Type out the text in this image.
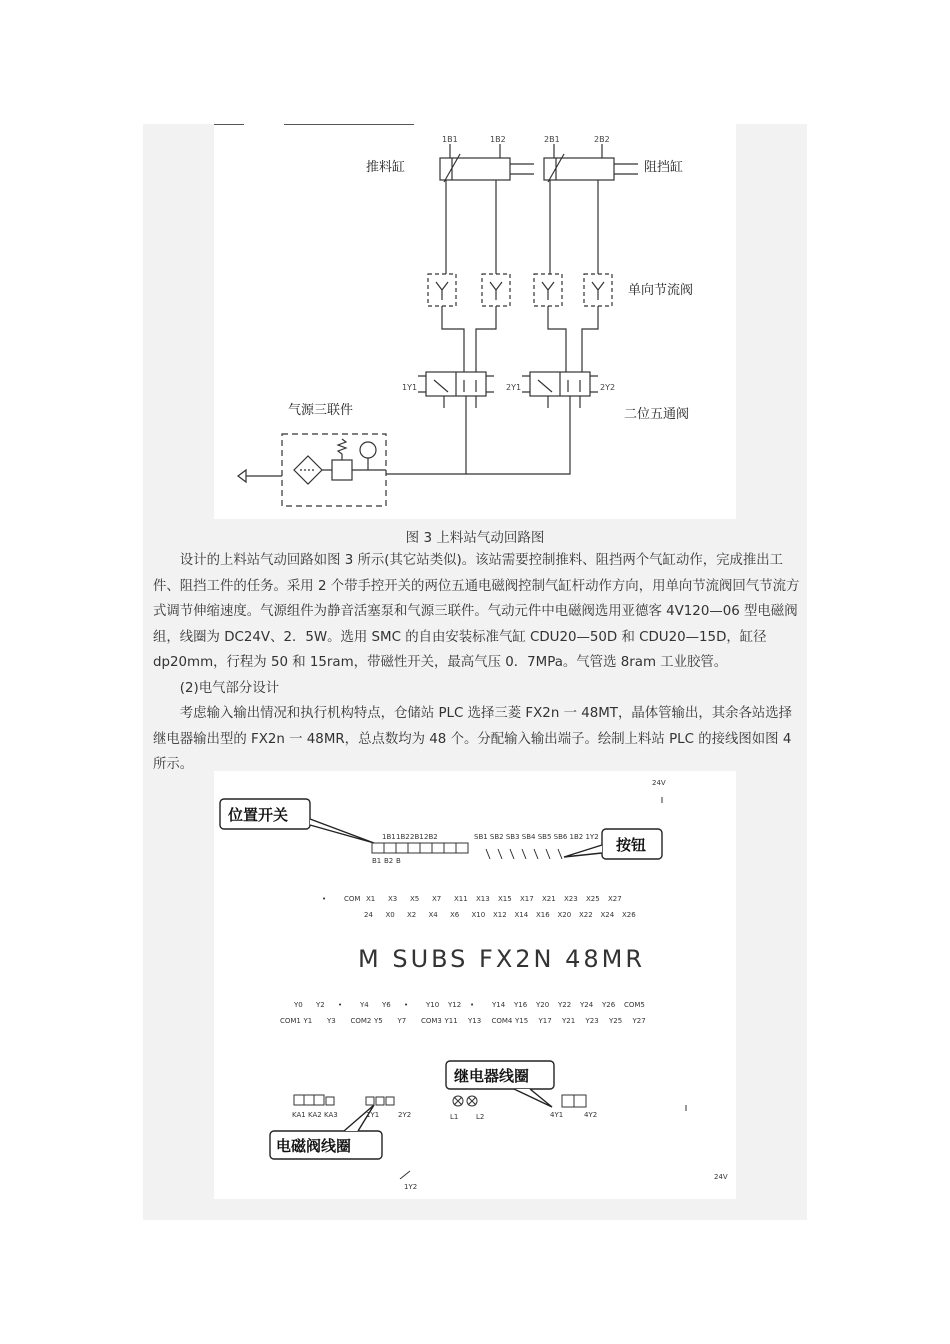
推料缸	阻挡缸
单向节流阀
二位五通阀
气源三联件
1B1	1B2	2B1	2B2
1Y1	2Y1	2Y2
图 3 上料站气动回路图

设计的上料站气动回路如图 3 所示(其它站类似)。该站需要控制推料、阻挡两个气缸动作，完成推出工件、阻挡工件的任务。采用 2 个带手控开关的两位五通电磁阀控制气缸杆动作方向，用单向节流阀回气节流方式调节伸缩速度。气源组件为静音活塞泵和气源三联件。气动元件中电磁阀选用亚德客 4V120—06 型电磁阀组，线圈为 DC24V、2．5W。选用 SMC 的自由安装标准气缸 CDU20—50D 和 CDU20—15D，缸径 dp20mm，行程为 50 和 15ram，带磁性开关，最高气压 0．7MPa。气管选 8ram 工业胶管。

(2)电气部分设计

考虑输入输出情况和执行机构特点，仓储站 PLC 选择三菱 FX2n 一 48MT，晶体管输出，其余各站选择继电器输出型的 FX2n 一 48MR，总点数均为 48 个。分配输入输出端子。绘制上料站 PLC 的接线图如图 4 所示。

位置开关
按钮
继电器线圈
电磁阀线圈
M SUBS FX2N 48MR
24V
24V
1B1 1B2 2B1 2B2
B1 B2 B
SB1 SB2 SB3 SB4 SB5 SB6 1B2 1Y2
L1	L2
1Y1	2Y2	4Y1	4Y2
KA1 KA2 KA3
1Y2
•	COM X1 X3 X5 X7 X11 X13 X15 X17 X21 X23 X25 X27
24 X0 X2 X4 X6 X10 X12 X14 X16 X20 X22 X24 X26
Y0 Y2 •	Y4 Y6 •	Y10 Y12 •	Y14 Y16 Y20 Y22 Y24 Y26 COM5
COM1 Y1 Y3 COM2 Y5 Y7 COM3 Y11 Y13 COM4 Y15 Y17 Y21 Y23 Y25 Y27
